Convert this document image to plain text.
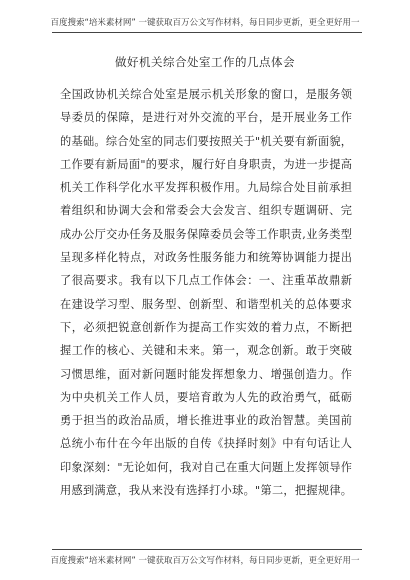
百度搜索“培米素材网” 一键获取百万公文写作材料，每日同步更新，更全更好用一
做好机关综合处室工作的几点体会
全国政协机关综合处室是展示机关形象的窗口，是服务领
导委员的保障，是进行对外交流的平台，是开展业务工作
的基础。综合处室的同志们要按照关于"机关要有新面貌，
工作要有新局面"的要求，履行好自身职责，为进一步提高
机关工作科学化水平发挥积极作用。九局综合处目前承担
着组织和协调大会和常委会大会发言、组织专题调研、完
成办公厅交办任务及服务保障委员会等工作职责,业务类型
呈现多样化特点，对政务性服务能力和统筹协调能力提出
了很高要求。我有以下几点工作体会：一、注重革故鼎新
在建设学习型、服务型、创新型、和谐型机关的总体要求
下，必须把锐意创新作为提高工作实效的着力点，不断把
握工作的核心、关键和未来。第一，观念创新。敢于突破
习惯思维，面对新问题时能发挥想象力、增强创造力。作
为中央机关工作人员，要培育敢为人先的政治勇气，砥砺
勇于担当的政治品质，增长推进事业的政治智慧。美国前
总统小布什在今年出版的自传《抉择时刻》中有句话让人
印象深刻："无论如何，我对自己在重大问题上发挥领导作
用感到满意，我从来没有选择打小球。"第二，把握规律。
百度搜索“培米素材网” 一键获取百万公文写作材料，每日同步更新，更全更好用一
